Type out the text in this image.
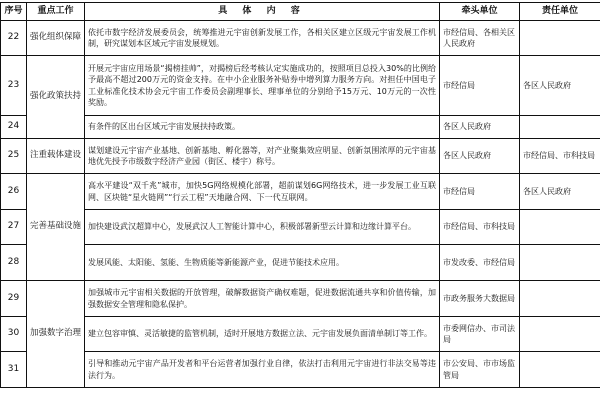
序号	重点工作	具 体 内 容	牵头单位	责任单位
22	强化组织保障	依托市数字经济发展委员会，统筹推进元宇宙创新发展工作，各相关区建立区级元宇宙发展工作机制，研究谋划本区域元宇宙发展规划。	市经信局、各相关区人民政府	
23	强化政策扶持	开展元宇宙应用场景“揭榜挂帅”，对揭榜后经考核认定实施成功的，按照项目总投入30%的比例给予最高不超过200万元的资金支持。在中小企业服务补贴券中增列算力服务方向。对担任中国电子工业标准化技术协会元宇宙工作委员会副理事长、理事单位的分别给予15万元、10万元的一次性奖励。	市经信局	各区人民政府
24		有条件的区出台区域元宇宙发展扶持政策。	各区人民政府	
25	注重载体建设	谋划建设元宇宙产业基地、创新基地、孵化器等，对产业聚集效应明显、创新氛围浓厚的元宇宙基地优先授予市级数字经济产业园（街区、楼宇）称号。	各区人民政府	市经信局、市科技局
26	完善基础设施	高水平建设“双千兆”城市，加快5G网络规模化部署，超前谋划6G网络技术，进一步发展工业互联网、区块链“星火链网”“行云工程”天地融合网、下一代互联网。	市经信局	各区人民政府
27		加快建设武汉超算中心，发展武汉人工智能计算中心，积极部署新型云计算和边缘计算平台。	市经信局、市科技局	
28		发展风能、太阳能、氢能、生物质能等新能源产业，促进节能技术应用。	市发改委、市经信局	
29	加强数字治理	加强城市元宇宙相关数据的开放管理，破解数据资产确权难题，促进数据流通共享和价值传输，加强数据安全管理和隐私保护。	市政务服务大数据局	
30		建立包容审慎、灵活敏捷的监管机制，适时开展地方数据立法、元宇宙发展负面清单制订等工作。	市委网信办、市司法局	
31		引导和推动元宇宙产品开发者和平台运营者加强行业自律，依法打击利用元宇宙进行非法交易等违法行为。	市公安局、市市场监管局	
